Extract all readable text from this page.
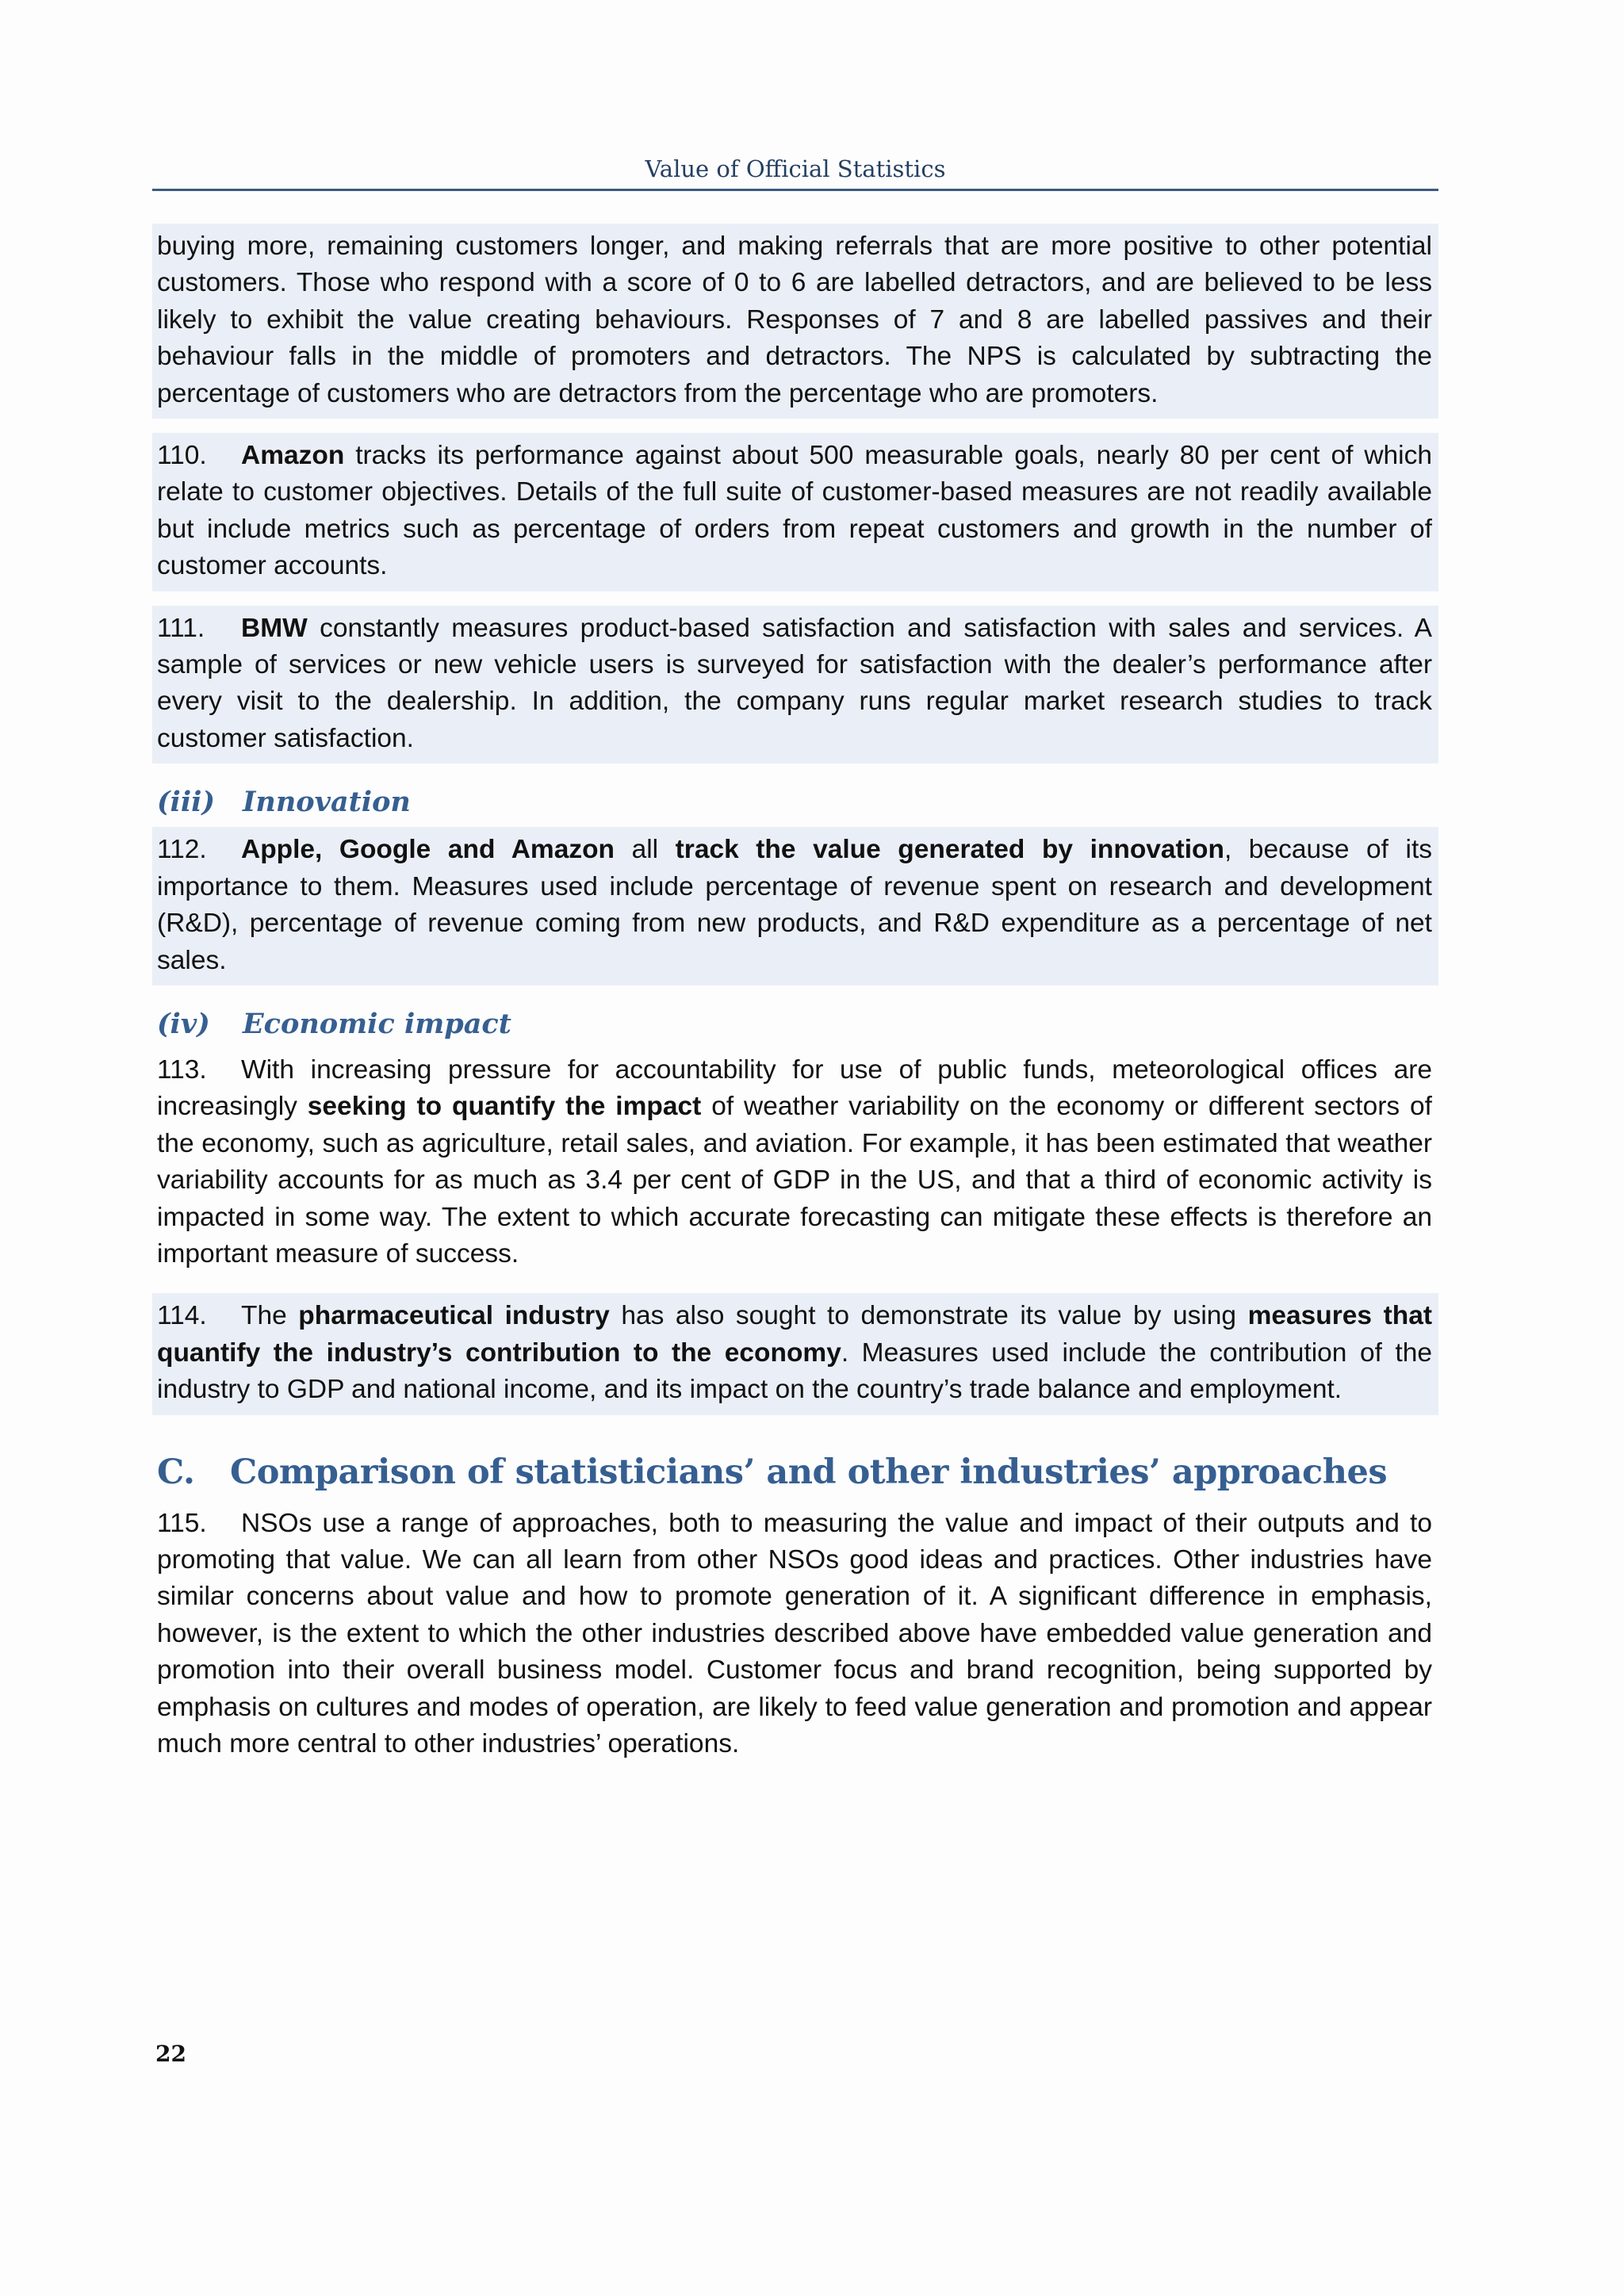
Value of Official Statistics

buying more, remaining customers longer, and making referrals that are more positive to other potential customers. Those who respond with a score of 0 to 6 are labelled detractors, and are believed to be less likely to exhibit the value creating behaviours. Responses of 7 and 8 are labelled passives and their behaviour falls in the middle of promoters and detractors. The NPS is calculated by subtracting the percentage of customers who are detractors from the percentage who are promoters.

110. Amazon tracks its performance against about 500 measurable goals, nearly 80 per cent of which relate to customer objectives. Details of the full suite of customer-based measures are not readily available but include metrics such as percentage of orders from repeat customers and growth in the number of customer accounts.

111. BMW constantly measures product-based satisfaction and satisfaction with sales and services. A sample of services or new vehicle users is surveyed for satisfaction with the dealer’s performance after every visit to the dealership. In addition, the company runs regular market research studies to track customer satisfaction.

(iii) Innovation

112. Apple, Google and Amazon all track the value generated by innovation, because of its importance to them. Measures used include percentage of revenue spent on research and development (R&D), percentage of revenue coming from new products, and R&D expenditure as a percentage of net sales.

(iv) Economic impact

113. With increasing pressure for accountability for use of public funds, meteorological offices are increasingly seeking to quantify the impact of weather variability on the economy or different sectors of the economy, such as agriculture, retail sales, and aviation. For example, it has been estimated that weather variability accounts for as much as 3.4 per cent of GDP in the US, and that a third of economic activity is impacted in some way. The extent to which accurate forecasting can mitigate these effects is therefore an important measure of success.

114. The pharmaceutical industry has also sought to demonstrate its value by using measures that quantify the industry’s contribution to the economy. Measures used include the contribution of the industry to GDP and national income, and its impact on the country’s trade balance and employment.

C. Comparison of statisticians’ and other industries’ approaches

115. NSOs use a range of approaches, both to measuring the value and impact of their outputs and to promoting that value. We can all learn from other NSOs good ideas and practices. Other industries have similar concerns about value and how to promote generation of it. A significant difference in emphasis, however, is the extent to which the other industries described above have embedded value generation and promotion into their overall business model. Customer focus and brand recognition, being supported by emphasis on cultures and modes of operation, are likely to feed value generation and promotion and appear much more central to other industries’ operations.

22
